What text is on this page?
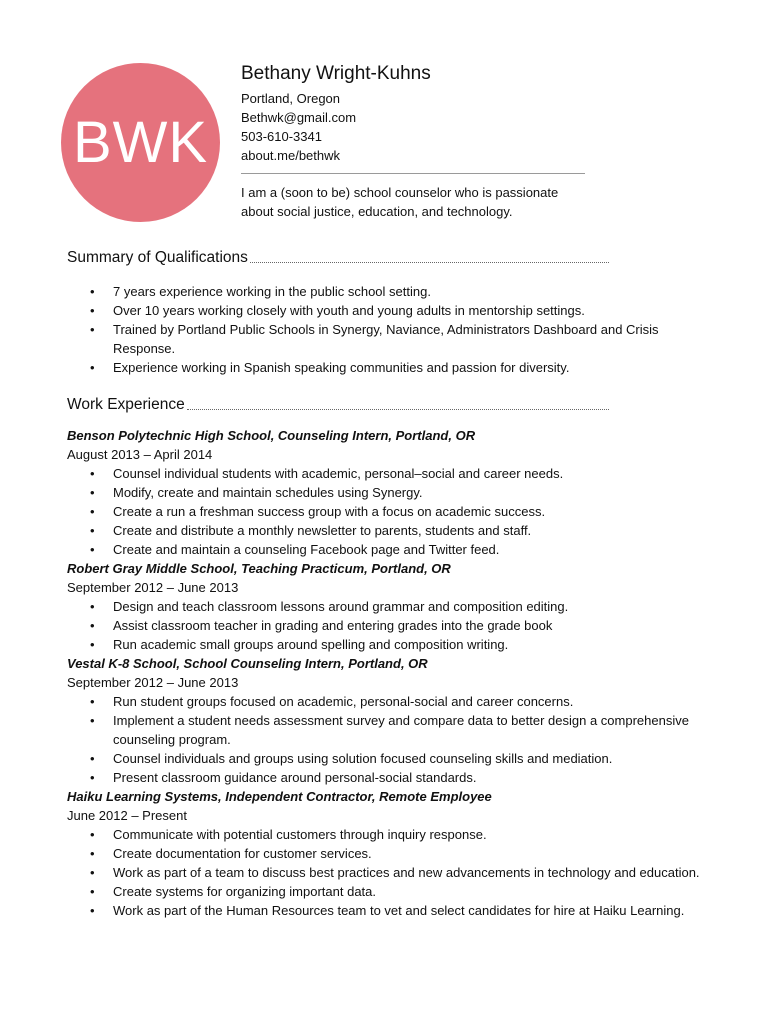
BWK
Bethany Wright-Kuhns
Portland, Oregon
Bethwk@gmail.com
503-610-3341
about.me/bethwk
I am a (soon to be) school counselor who is passionate
about social justice, education, and technology.
Summary of Qualifications
• 7 years experience working in the public school setting.
• Over 10 years working closely with youth and young adults in mentorship settings.
• Trained by Portland Public Schools in Synergy, Naviance, Administrators Dashboard and Crisis Response.
• Experience working in Spanish speaking communities and passion for diversity.
Work Experience
Benson Polytechnic High School, Counseling Intern, Portland, OR
August 2013 – April 2014
• Counsel individual students with academic, personal–social and career needs.
• Modify, create and maintain schedules using Synergy.
• Create a run a freshman success group with a focus on academic success.
• Create and distribute a monthly newsletter to parents, students and staff.
• Create and maintain a counseling Facebook page and Twitter feed.
Robert Gray Middle School, Teaching Practicum, Portland, OR
September 2012 – June 2013
• Design and teach classroom lessons around grammar and composition editing.
• Assist classroom teacher in grading and entering grades into the grade book
• Run academic small groups around spelling and composition writing.
Vestal K-8 School, School Counseling Intern, Portland, OR
September 2012 – June 2013
• Run student groups focused on academic, personal-social and career concerns.
• Implement a student needs assessment survey and compare data to better design a comprehensive counseling program.
• Counsel individuals and groups using solution focused counseling skills and mediation.
• Present classroom guidance around personal-social standards.
Haiku Learning Systems, Independent Contractor, Remote Employee
June 2012 – Present
• Communicate with potential customers through inquiry response.
• Create documentation for customer services.
• Work as part of a team to discuss best practices and new advancements in technology and education.
• Create systems for organizing important data.
• Work as part of the Human Resources team to vet and select candidates for hire at Haiku Learning.
